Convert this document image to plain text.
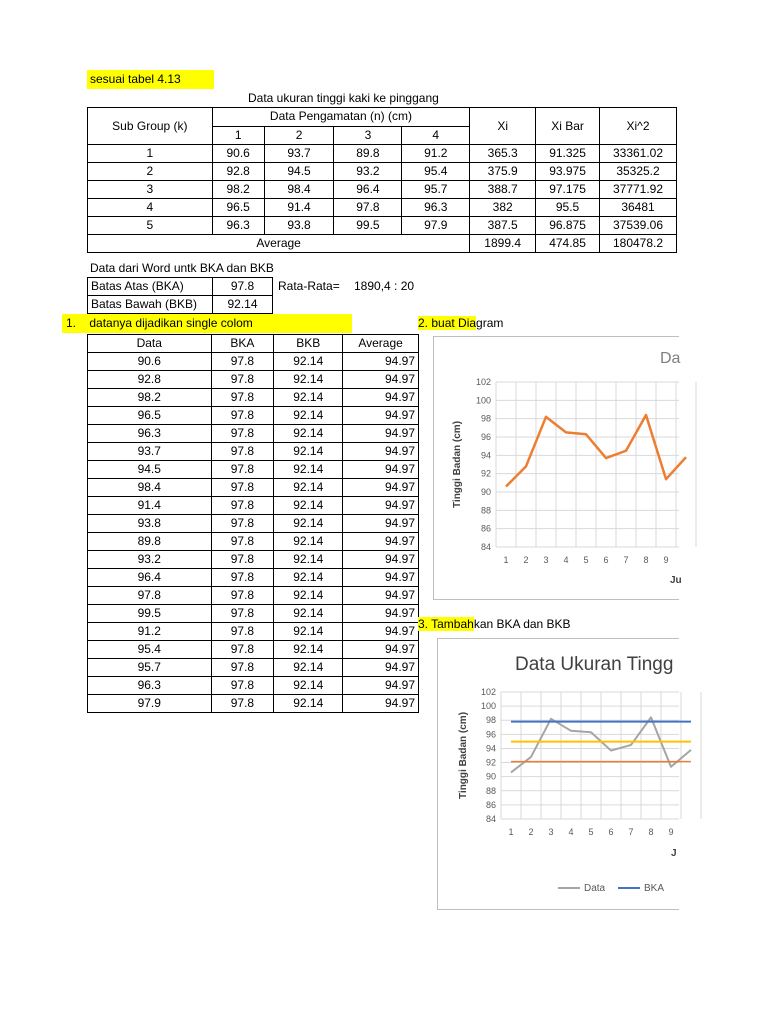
sesuai tabel 4.13
Data ukuran tinggi kaki ke pinggang
Sub Group (k)	Data Pengamatan (n) (cm)				Xi	Xi Bar	Xi^2
	1	2	3	4			
1	90.6	93.7	89.8	91.2	365.3	91.325	33361.02
2	92.8	94.5	93.2	95.4	375.9	93.975	35325.2
3	98.2	98.4	96.4	95.7	388.7	97.175	37771.92
4	96.5	91.4	97.8	96.3	382	95.5	36481
5	96.3	93.8	99.5	97.9	387.5	96.875	37539.06
Average					1899.4	474.85	180478.2
Data dari Word untk BKA dan BKB
Batas Atas (BKA)	97.8
Batas Bawah (BKB)	92.14
Rata-Rata= 1890,4 : 20
1. datanya dijadikan single colom
Data	BKA	BKB	Average
90.6	97.8	92.14	94.97
92.8	97.8	92.14	94.97
98.2	97.8	92.14	94.97
96.5	97.8	92.14	94.97
96.3	97.8	92.14	94.97
93.7	97.8	92.14	94.97
94.5	97.8	92.14	94.97
98.4	97.8	92.14	94.97
91.4	97.8	92.14	94.97
93.8	97.8	92.14	94.97
89.8	97.8	92.14	94.97
93.2	97.8	92.14	94.97
96.4	97.8	92.14	94.97
97.8	97.8	92.14	94.97
99.5	97.8	92.14	94.97
91.2	97.8	92.14	94.97
95.4	97.8	92.14	94.97
95.7	97.8	92.14	94.97
96.3	97.8	92.14	94.97
97.9	97.8	92.14	94.97
2. buat Diagram
Da
84
86
88
90
92
94
96
98
100
102
1 2 3 4 5 6 7 8 9
Tinggi Badan (cm)
Ju
3. Tambahkan BKA dan BKB
Data Ukuran Tingg
84
86
88
90
92
94
96
98
100
102
1 2 3 4 5 6 7 8 9
Tinggi Badan (cm)
J
Data	BKA
